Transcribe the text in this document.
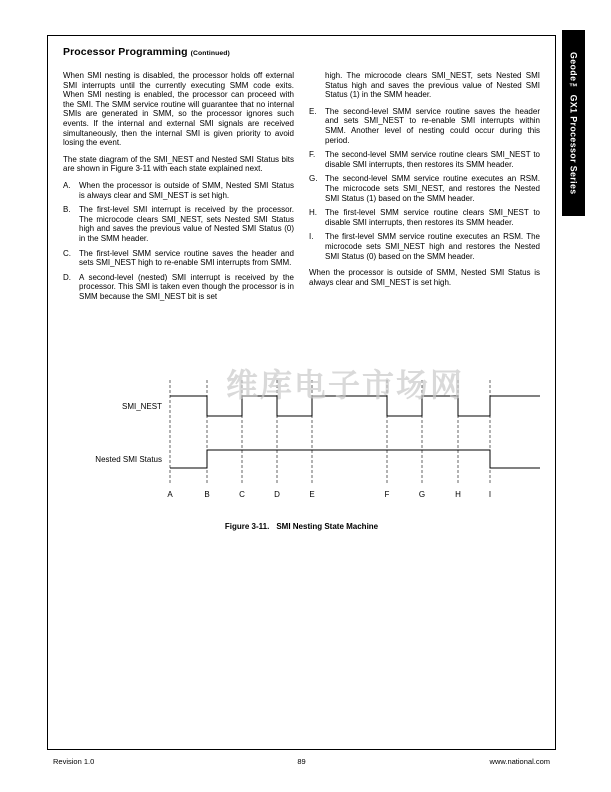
Processor Programming (Continued)

When SMI nesting is disabled, the processor holds off external SMI interrupts until the currently executing SMM code exits. When SMI nesting is enabled, the processor can proceed with the SMI. The SMM service routine will guarantee that no internal SMIs are generated in SMM, so the processor ignores such events. If the internal and external SMI signals are received simultaneously, then the internal SMI is given priority to avoid losing the event.

The state diagram of the SMI_NEST and Nested SMI Status bits are shown in Figure 3-11 with each state explained next.

A.	When the processor is outside of SMM, Nested SMI Status is always clear and SMI_NEST is set high.
B.	The first-level SMI interrupt is received by the processor. The microcode clears SMI_NEST, sets Nested SMI Status high and saves the previous value of Nested SMI Status (0) in the SMM header.
C.	The first-level SMM service routine saves the header and sets SMI_NEST high to re-enable SMI interrupts from SMM.
D.	A second-level (nested) SMI interrupt is received by the processor. This SMI is taken even though the processor is in SMM because the SMI_NEST bit is set

high. The microcode clears SMI_NEST, sets Nested SMI Status high and saves the previous value of Nested SMI Status (1) in the SMM header.

E.	The second-level SMM service routine saves the header and sets SMI_NEST to re-enable SMI interrupts within SMM. Another level of nesting could occur during this period.
F.	The second-level SMM service routine clears SMI_NEST to disable SMI interrupts, then restores its SMM header.
G. The second-level SMM service routine executes an RSM. The microcode sets SMI_NEST, and restores the Nested SMI Status (1) based on the SMM header.
H.	The first-level SMM service routine clears SMI_NEST to disable SMI interrupts, then restores its SMM header.
I.	The first-level SMM service routine executes an RSM. The microcode sets SMI_NEST high and restores the Nested SMI Status (0) based on the SMM header.

When the processor is outside of SMM, Nested SMI Status is always clear and SMI_NEST is set high.

A	B	C	D	E	F	G	H	I
SMI_NEST
Nested SMI Status
Figure 3-11. SMI Nesting State Machine
Geode™ GX1 Processor Series
维库电子市场网
Revision 1.0	89	www.national.com
